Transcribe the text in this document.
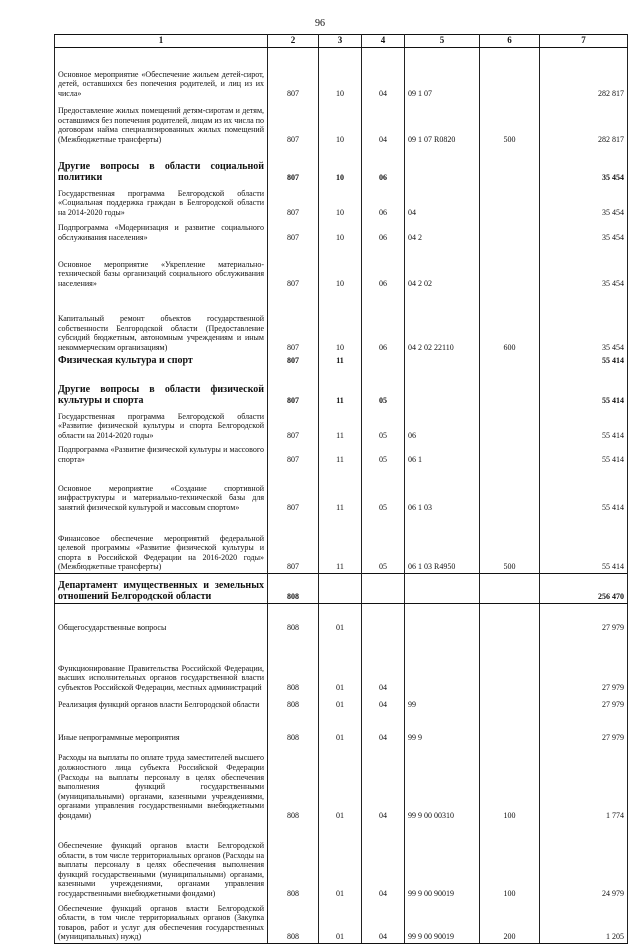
96
1	2	3	4	5	6	7
Основное мероприятие «Обеспечение жильем детей-сирот, детей, оставшихся без попечения родителей, и лиц из их числа»	807	10	04	09 1 07		282 817
Предоставление жилых помещений детям-сиротам и детям, оставшимся без попечения родителей, лицам из их числа по договорам найма специализированных жилых помещений (Межбюджетные трансферты)	807	10	04	09 1 07 R0820	500	282 817
Другие вопросы в области социальной политики	807	10	06			35 454
Государственная программа Белгородской области «Социальная поддержка граждан в Белгородской области на 2014-2020 годы»	807	10	06	04		35 454
Подпрограмма «Модернизация и развитие социального обслуживания населения»	807	10	06	04 2		35 454
Основное мероприятие «Укрепление материально-технической базы организаций социального обслуживания населения»	807	10	06	04 2 02		35 454
Капитальный ремонт объектов государственной собственности Белгородской области (Предоставление субсидий бюджетным, автономным учреждениям и иным некоммерческим организациям)	807	10	06	04 2 02 22110	600	35 454
Физическая культура и спорт	807	11				55 414
Другие вопросы в области физической культуры и спорта	807	11	05			55 414
Государственная программа Белгородской области «Развитие физической культуры и спорта Белгородской области на 2014-2020 годы»	807	11	05	06		55 414
Подпрограмма «Развитие физической культуры и массового спорта»	807	11	05	06 1		55 414
Основное мероприятие «Создание спортивной инфраструктуры и материально-технической базы для занятий физической культурой и массовым спортом»	807	11	05	06 1 03		55 414
Финансовое обеспечение мероприятий федеральной целевой программы «Развитие физической культуры и спорта в Российской Федерации на 2016-2020 годы» (Межбюджетные трансферты)	807	11	05	06 1 03 R4950	500	55 414
Департамент имущественных и земельных отношений Белгородской области	808					256 470
Общегосударственные вопросы	808	01				27 979
Функционирование Правительства Российской Федерации, высших исполнительных органов государственной власти субъектов Российской Федерации, местных администраций	808	01	04			27 979
Реализация функций органов власти Белгородской области	808	01	04	99		27 979
Иные непрограммные мероприятия	808	01	04	99 9		27 979
Расходы на выплаты по оплате труда заместителей высшего должностного лица субъекта Российской Федерации (Расходы на выплаты персоналу в целях обеспечения выполнения функций государственными (муниципальными) органами, казенными учреждениями, органами управления государственными внебюджетными фондами)	808	01	04	99 9 00 00310	100	1 774
Обеспечение функций органов власти Белгородской области, в том числе территориальных органов (Расходы на выплаты персоналу в целях обеспечения выполнения функций государственными (муниципальными) органами, казенными учреждениями, органами управления государственными внебюджетными фондами)	808	01	04	99 9 00 90019	100	24 979
Обеспечение функций органов власти Белгородской области, в том числе территориальных органов (Закупка товаров, работ и услуг для обеспечения государственных (муниципальных) нужд)	808	01	04	99 9 00 90019	200	1 205
